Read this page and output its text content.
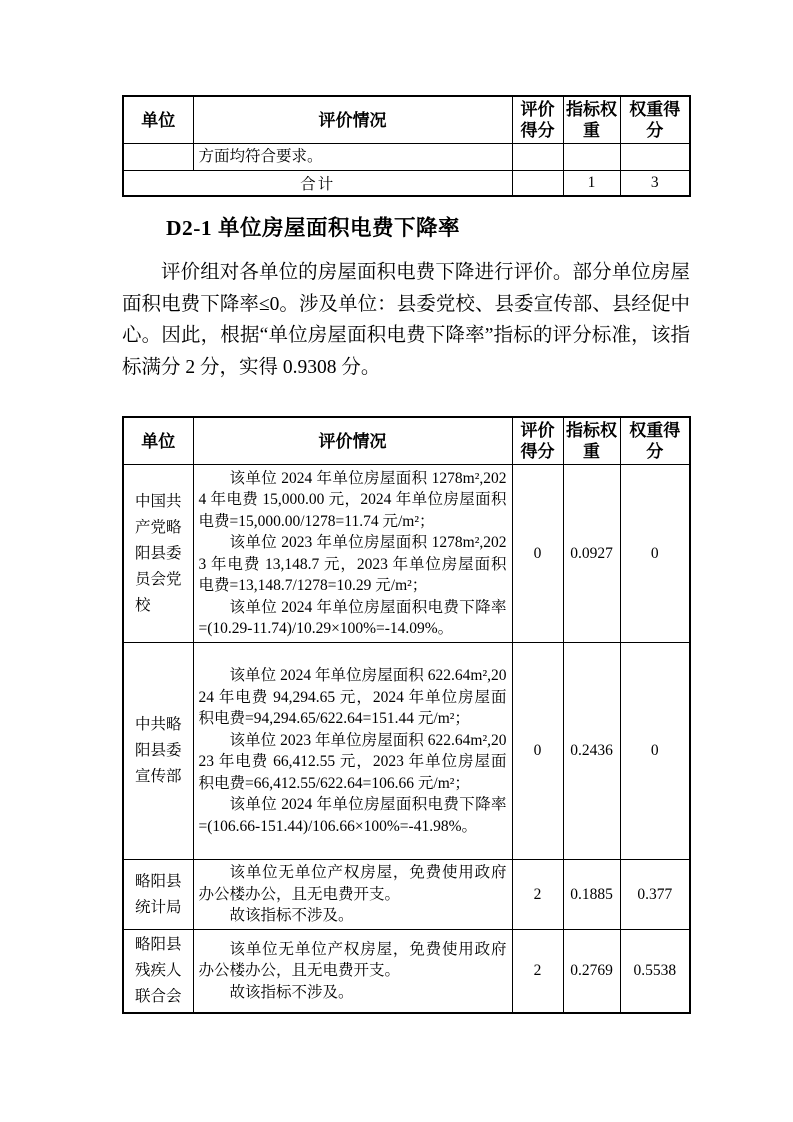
单位	评价情况	评价得分	指标权重	权重得分

	方面均符合要求。			

合计			1	3
D2-1 单位房屋面积电费下降率

评价组对各单位的房屋面积电费下降进行评价。部分单位房屋面积电费下降率≤0。涉及单位：县委党校、县委宣传部、县经促中心。因此，根据“单位房屋面积电费下降率”指标的评分标准，该指标满分 2 分，实得 0.9308 分。

单位	评价情况	评价得分	指标权重	权重得分
中国共产党略阳县委员会党校	该单位 2024 年单位房屋面积 1278m²,2024 年电费 15,000.00 元，2024 年单位房屋面积电费=15,000.00/1278=11.74 元/m²；

该单位 2023 年单位房屋面积 1278m²,2023 年电费 13,148.7 元，2023 年单位房屋面积电费=13,148.7/1278=10.29 元/m²；

该单位 2024 年单位房屋面积电费下降率=(10.29-11.74)/10.29×100%=-14.09%。	0	0.0927	0
中共略阳县委宣传部	该单位 2024 年单位房屋面积 622.64m²,2024 年电费 94,294.65 元，2024 年单位房屋面积电费=94,294.65/622.64=151.44 元/m²；

该单位 2023 年单位房屋面积 622.64m²,2023 年电费 66,412.55 元，2023 年单位房屋面积电费=66,412.55/622.64=106.66 元/m²；

该单位 2024 年单位房屋面积电费下降率=(106.66-151.44)/106.66×100%=-41.98%。	0	0.2436	0
略阳县统计局	该单位无单位产权房屋，免费使用政府办公楼办公，且无电费开支。

故该指标不涉及。	2	0.1885	0.377
略阳县残疾人联合会	该单位无单位产权房屋，免费使用政府办公楼办公，且无电费开支。

故该指标不涉及。	2	0.2769	0.5538
